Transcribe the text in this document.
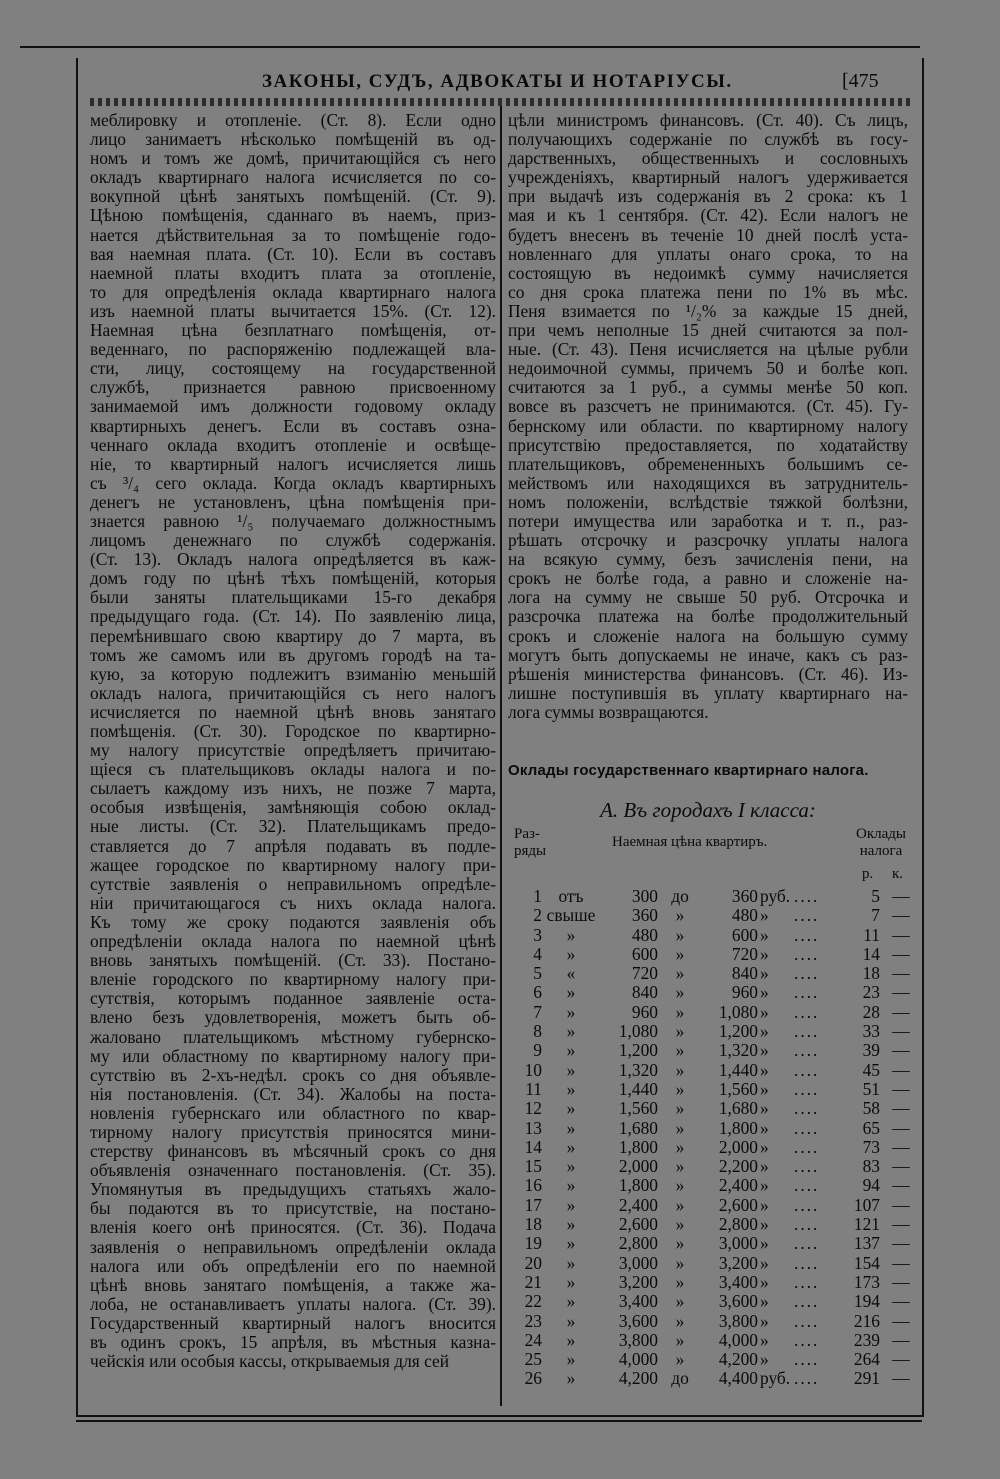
ЗАКОНЫ, СУДЪ, АДВОКАТЫ И НОТАРІУСЫ.	[475
меблировку и отопленіе. (Ст. 8). Если одно
лицо занимаетъ нѣсколько помѣщеній въ од-
номъ и томъ же домѣ, причитающійся съ него
окладъ квартирнаго налога исчисляется по со-
вокупной цѣнѣ занятыхъ помѣщеній. (Ст. 9).
Цѣною помѣщенія, сданнаго въ наемъ, приз-
нается дѣйствительная за то помѣщеніе годо-
вая наемная плата. (Ст. 10). Если въ составъ
наемной платы входитъ плата за отопленіе,
то для опредѣленія оклада квартирнаго налога
изъ наемной платы вычитается 15%. (Ст. 12).
Наемная цѣна безплатнаго помѣщенія, от-
веденнаго, по распоряженію подлежащей вла-
сти, лицу, состоящему на государственной
службѣ, признается равною присвоенному
занимаемой имъ должности годовому окладу
квартирныхъ денегъ. Если въ составъ озна-
ченнаго оклада входитъ отопленіе и освѣще-
ніе, то квартирный налогъ исчисляется лишь
съ ³/₄ сего оклада. Когда окладъ квартирныхъ
денегъ не установленъ, цѣна помѣщенія при-
знается равною ¹/₅ получаемаго должностнымъ
лицомъ денежнаго по службѣ содержанія.
(Ст. 13). Окладъ налога опредѣляется въ каж-
домъ году по цѣнѣ тѣхъ помѣщеній, которыя
были заняты плательщиками 15-го декабря
предыдущаго года. (Ст. 14). По заявленію лица,
перемѣнившаго свою квартиру до 7 марта, въ
томъ же самомъ или въ другомъ городѣ на та-
кую, за которую подлежитъ взиманію меньшій
окладъ налога, причитающійся съ него налогъ
исчисляется по наемной цѣнѣ вновь занятаго
помѣщенія. (Ст. 30). Городское по квартирно-
му налогу присутствіе опредѣляетъ причитаю-
щіеся съ плательщиковъ оклады налога и по-
сылаетъ каждому изъ нихъ, не позже 7 марта,
особыя извѣщенія, замѣняющія собою оклад-
ные листы. (Ст. 32). Плательщикамъ предо-
ставляется до 7 апрѣля подавать въ подле-
жащее городское по квартирному налогу при-
сутствіе заявленія о неправильномъ опредѣле-
ніи причитающагося съ нихъ оклада налога.
Къ тому же сроку подаются заявленія объ
опредѣленіи оклада налога по наемной цѣнѣ
вновь занятыхъ помѣщеній. (Ст. 33). Постано-
вленіе городского по квартирному налогу при-
сутствія, которымъ поданное заявленіе оста-
влено безъ удовлетворенія, можетъ быть об-
жаловано плательщикомъ мѣстному губернско-
му или областному по квартирному налогу при-
сутствію въ 2-хъ-недѣл. срокъ со дня объявле-
нія постановленія. (Ст. 34). Жалобы на поста-
новленія губернскаго или областного по квар-
тирному налогу присутствія приносятся мини-
стерству финансовъ въ мѣсячный срокъ со дня
объявленія означеннаго постановленія. (Ст. 35).
Упомянутыя въ предыдущихъ статьяхъ жало-
бы подаются въ то присутствіе, на постано-
вленія коего онѣ приносятся. (Ст. 36). Подача
заявленія о неправильномъ опредѣленіи оклада
налога или объ опредѣленіи его по наемной
цѣнѣ вновь занятаго помѣщенія, а также жа-
лоба, не останавливаетъ уплаты налога. (Ст. 39).
Государственный квартирный налогъ вносится
въ одинъ срокъ, 15 апрѣля, въ мѣстныя казна-
чейскія или особыя кассы, открываемыя для сей
цѣли министромъ финансовъ. (Ст. 40). Съ лицъ,
получающихъ содержаніе по службѣ въ госу-
дарственныхъ, общественныхъ и сословныхъ
учрежденіяхъ, квартирный налогъ удерживается
при выдачѣ изъ содержанія въ 2 срока: къ 1
мая и къ 1 сентября. (Ст. 42). Если налогъ не
будетъ внесенъ въ теченіе 10 дней послѣ уста-
новленнаго для уплаты онаго срока, то на
состоящую въ недоимкѣ сумму начисляется
со дня срока платежа пени по 1% въ мѣс.
Пеня взимается по ¹/₂% за каждые 15 дней,
при чемъ неполные 15 дней считаются за пол-
ные. (Ст. 43). Пеня исчисляется на цѣлые рубли
недоимочной суммы, причемъ 50 и болѣе коп.
считаются за 1 руб., а суммы менѣе 50 коп.
вовсе въ разсчетъ не принимаются. (Ст. 45). Гу-
бернскому или области. по квартирному налогу
присутствію предоставляется, по ходатайству
плательщиковъ, обремененныхъ большимъ се-
мействомъ или находящихся въ затруднитель-
номъ положеніи, вслѣдствіе тяжкой болѣзни,
потери имущества или заработка и т. п., раз-
рѣшать отсрочку и разсрочку уплаты налога
на всякую сумму, безъ зачисленія пени, на
срокъ не болѣе года, а равно и сложеніе на-
лога на сумму не свыше 50 руб. Отсрочка и
разсрочка платежа на болѣе продолжительный
срокъ и сложеніе налога на большую сумму
могутъ быть допускаемы не иначе, какъ съ раз-
рѣшенія министерства финансовъ. (Ст. 46). Из-
лишне поступившія въ уплату квартирнаго на-
лога суммы возвращаются.
Оклады государственнаго квартирнаго налога.
А. Въ городахъ I класса:
Раз-
ряды
Наемная цѣна квартиръ.	Оклады
налога
р. к.
1 отъ	300 до	360 руб. ....	5 —
2 свыше	360	»	480 »	....	7 —
3	»	480	»	600 »	....	11 —
4	»	600	»	720 »	....	14 —
5	«	720	»	840 »	....	18 —
6	»	840	»	960 »	....	23 —
7	»	960	»	1,080 »	....	28 —
8	»	1,080	»	1,200 »	....	33 —
9	»	1,200	»	1,320 »	....	39 —
10	»	1,320	»	1,440 »	....	45 —
11	»	1,440	»	1,560 »	....	51 —
12	»	1,560	»	1,680 »	....	58 —
13	»	1,680	»	1,800 »	....	65 —
14	»	1,800	»	2,000 »	....	73 —
15	»	2,000	»	2,200 »	....	83 —
16	»	1,800	»	2,400 »	....	94 —
17	»	2,400	»	2,600 »	....	107 —
18	»	2,600	»	2,800 »	....	121 —
19	»	2,800	»	3,000 »	....	137 —
20	»	3,000	»	3,200 »	....	154 —
21	»	3,200	»	3,400 »	....	173 —
22	»	3,400	»	3,600 »	....	194 —
23	»	3,600	»	3,800 »	....	216 —
24	»	3,800	»	4,000 »	....	239 —
25	»	4,000	»	4,200 »	....	264 —
26	»	4,200 до	4,400 руб. ....	291 —
